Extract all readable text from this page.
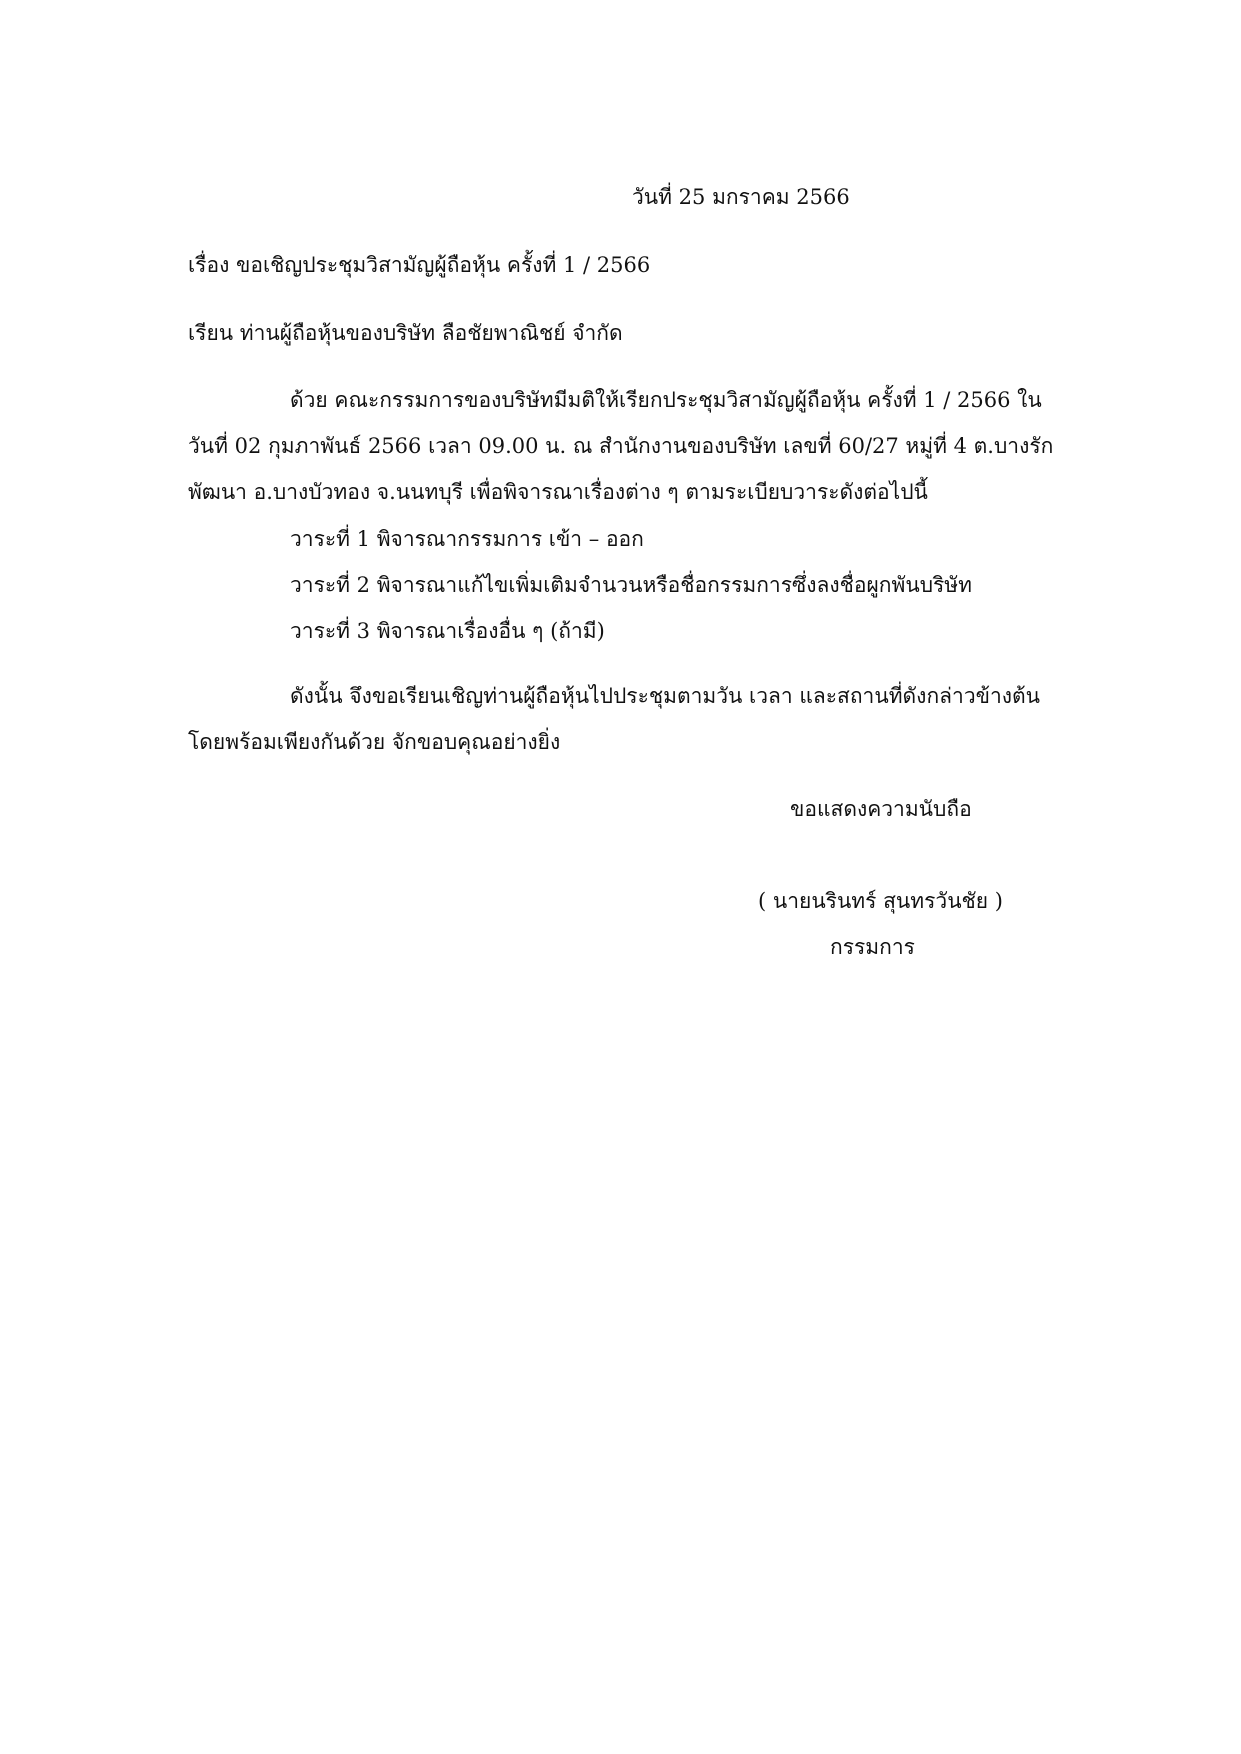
วันที่ 25 มกราคม 2566
เรื่อง ขอเชิญประชุมวิสามัญผู้ถือหุ้น ครั้งที่ 1 / 2566
เรียน ท่านผู้ถือหุ้นของบริษัท ลือชัยพาณิชย์ จำกัด
ด้วย คณะกรรมการของบริษัทมีมติให้เรียกประชุมวิสามัญผู้ถือหุ้น ครั้งที่ 1 / 2566 ใน
วันที่ 02 กุมภาพันธ์ 2566 เวลา 09.00 น. ณ สำนักงานของบริษัท เลขที่ 60/27 หมู่ที่ 4 ต.บางรัก
พัฒนา อ.บางบัวทอง จ.นนทบุรี เพื่อพิจารณาเรื่องต่าง ๆ ตามระเบียบวาระดังต่อไปนี้
วาระที่ 1 พิจารณากรรมการ เข้า – ออก
วาระที่ 2 พิจารณาแก้ไขเพิ่มเติมจำนวนหรือชื่อกรรมการซึ่งลงชื่อผูกพันบริษัท
วาระที่ 3 พิจารณาเรื่องอื่น ๆ (ถ้ามี)
ดังนั้น จึงขอเรียนเชิญท่านผู้ถือหุ้นไปประชุมตามวัน เวลา และสถานที่ดังกล่าวข้างต้น
โดยพร้อมเพียงกันด้วย จักขอบคุณอย่างยิ่ง
ขอแสดงความนับถือ
( นายนรินทร์ สุนทรวันชัย )
กรรมการ
